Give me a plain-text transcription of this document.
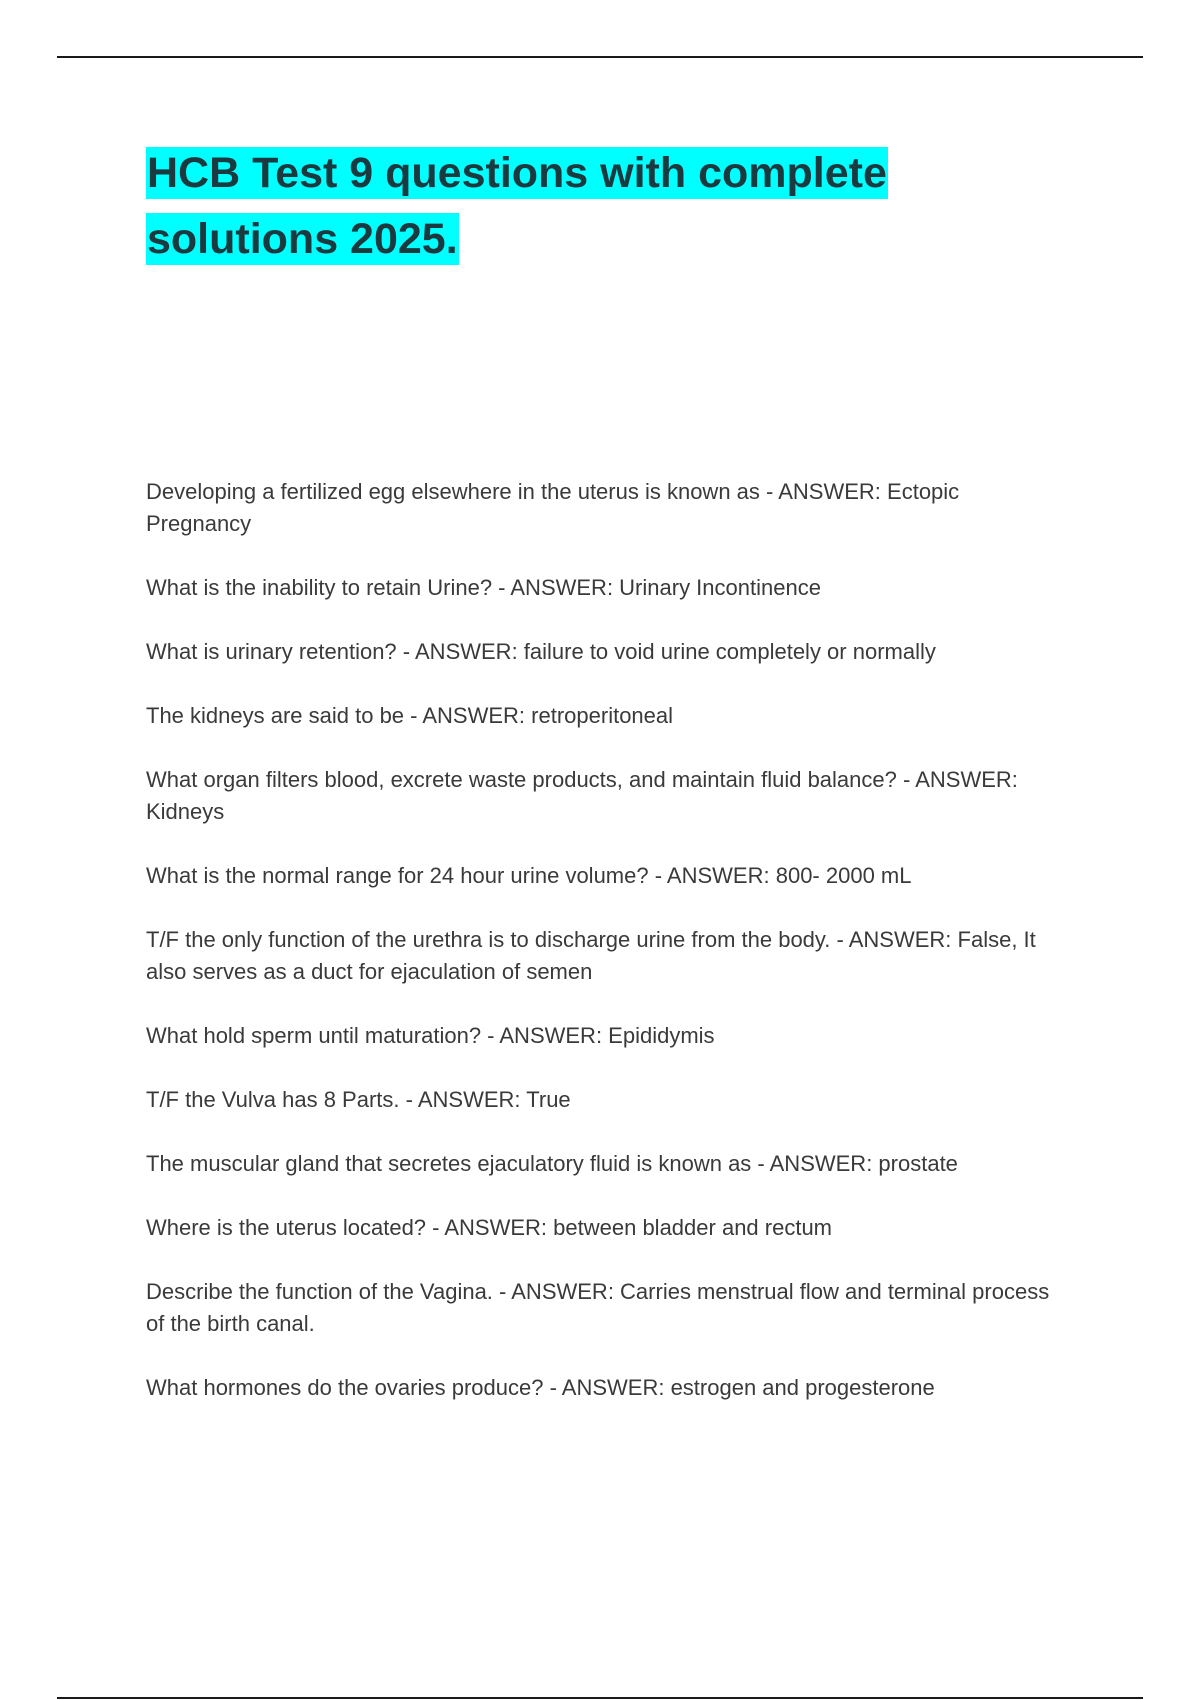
HCB Test 9 questions with complete solutions 2025.
Developing a fertilized egg elsewhere in the uterus is known as - ANSWER: Ectopic Pregnancy
What is the inability to retain Urine? - ANSWER: Urinary Incontinence
What is urinary retention? - ANSWER: failure to void urine completely or normally
The kidneys are said to be - ANSWER: retroperitoneal
What organ filters blood, excrete waste products, and maintain fluid balance? - ANSWER: Kidneys
What is the normal range for 24 hour urine volume? - ANSWER: 800- 2000 mL
T/F the only function of the urethra is to discharge urine from the body. - ANSWER: False, It also serves as a duct for ejaculation of semen
What hold sperm until maturation? - ANSWER: Epididymis
T/F the Vulva has 8 Parts. - ANSWER: True
The muscular gland that secretes ejaculatory fluid is known as - ANSWER: prostate
Where is the uterus located? - ANSWER: between bladder and rectum
Describe the function of the Vagina. - ANSWER: Carries menstrual flow and terminal process of the birth canal.
What hormones do the ovaries produce? - ANSWER: estrogen and progesterone
